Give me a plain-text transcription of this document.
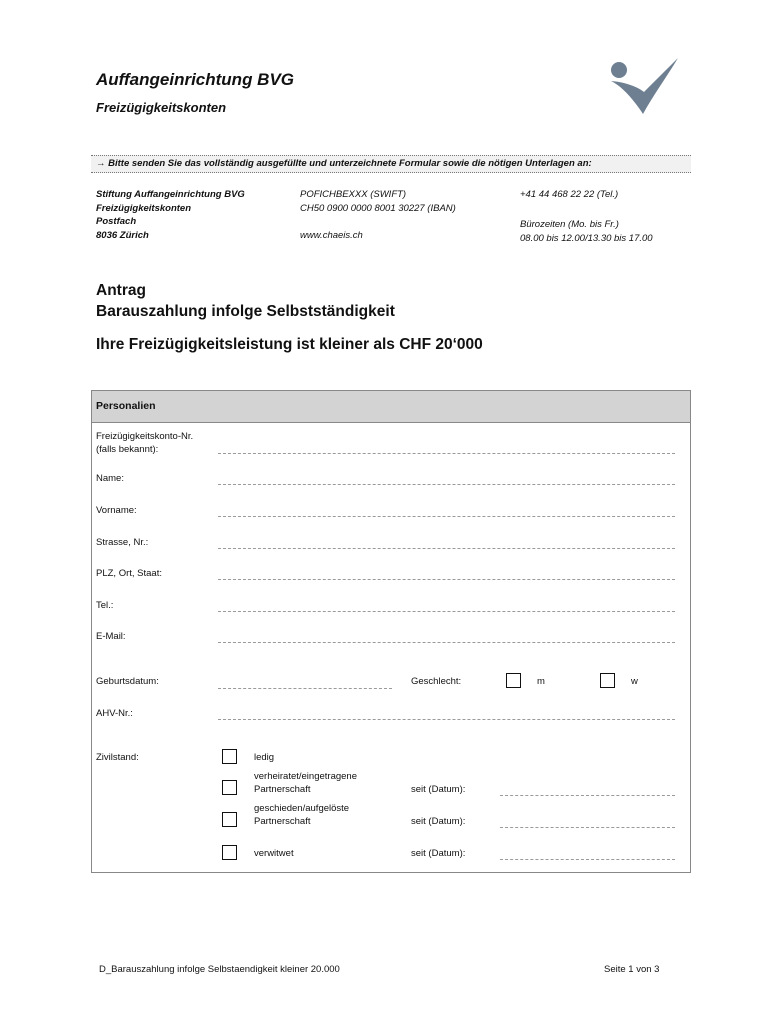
Auffangeinrichtung BVG
Freizügigkeitskonten
→ Bitte senden Sie das vollständig ausgefüllte und unterzeichnete Formular sowie die nötigen Unterlagen an:
Stiftung Auffangeinrichtung BVG
Freizügigkeitskonten
Postfach
8036 Zürich
POFICHBEXXX (SWIFT)
CH50 0900 0000 8001 30227 (IBAN)
www.chaeis.ch
+41 44 468 22 22 (Tel.)
Bürozeiten (Mo. bis Fr.)
08.00 bis 12.00/13.30 bis 17.00
Antrag
Barauszahlung infolge Selbstständigkeit
Ihre Freizügigkeitsleistung ist kleiner als CHF 20‘000
Personalien
Freizügigkeitskonto-Nr.
(falls bekannt):
Name:
Vorname:
Strasse, Nr.:
PLZ, Ort, Staat:
Tel.:
E-Mail:
Geburtsdatum:	Geschlecht:	m	w
AHV-Nr.:
Zivilstand:	ledig
verheiratet/eingetragene
Partnerschaft	seit (Datum):
geschieden/aufgelöste
Partnerschaft	seit (Datum):
verwitwet	seit (Datum):
D_Barauszahlung infolge Selbstaendigkeit kleiner 20.000	Seite 1 von 3
